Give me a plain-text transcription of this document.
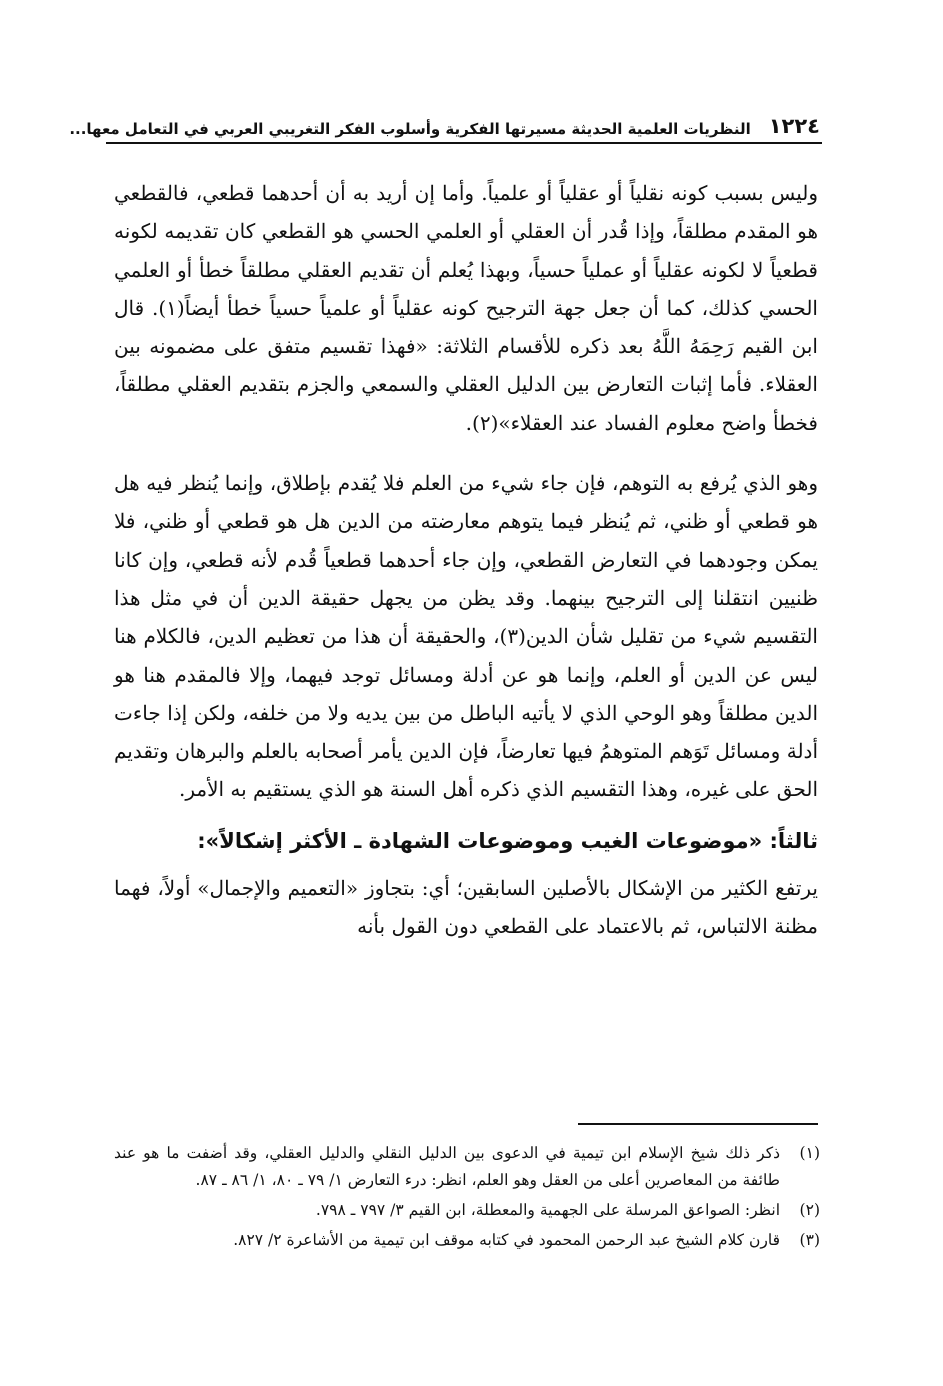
١٢٢٤
النظريات العلمية الحديثة مسيرتها الفكرية وأسلوب الفكر التغريبي العربي في التعامل معها...

وليس بسبب كونه نقلياً أو عقلياً أو علمياً. وأما إن أريد به أن أحدهما قطعي، فالقطعي هو المقدم مطلقاً، وإذا قُدر أن العقلي أو العلمي الحسي هو القطعي كان تقديمه لكونه قطعياً لا لكونه عقلياً أو عملياً حسياً، وبهذا يُعلم أن تقديم العقلي مطلقاً خطأ أو العلمي الحسي كذلك، كما أن جعل جهة الترجيح كونه عقلياً أو علمياً حسياً خطأ أيضاً(١). قال ابن القيم رَحِمَهُ اللَّهُ بعد ذكره للأقسام الثلاثة: «فهذا تقسيم متفق على مضمونه بين العقلاء. فأما إثبات التعارض بين الدليل العقلي والسمعي والجزم بتقديم العقلي مطلقاً، فخطأ واضح معلوم الفساد عند العقلاء»(٢).

وهو الذي يُرفع به التوهم، فإن جاء شيء من العلم فلا يُقدم بإطلاق، وإنما يُنظر فيه هل هو قطعي أو ظني، ثم يُنظر فيما يتوهم معارضته من الدين هل هو قطعي أو ظني، فلا يمكن وجودهما في التعارض القطعي، وإن جاء أحدهما قطعياً قُدم لأنه قطعي، وإن كانا ظنيين انتقلنا إلى الترجيح بينهما. وقد يظن من يجهل حقيقة الدين أن في مثل هذا التقسيم شيء من تقليل شأن الدين(٣)، والحقيقة أن هذا من تعظيم الدين، فالكلام هنا ليس عن الدين أو العلم، وإنما هو عن أدلة ومسائل توجد فيهما، وإلا فالمقدم هنا هو الدين مطلقاً وهو الوحي الذي لا يأتيه الباطل من بين يديه ولا من خلفه، ولكن إذا جاءت أدلة ومسائل تَوَهم المتوهمُ فيها تعارضاً، فإن الدين يأمر أصحابه بالعلم والبرهان وتقديم الحق على غيره، وهذا التقسيم الذي ذكره أهل السنة هو الذي يستقيم به الأمر.

ثالثاً: «موضوعات الغيب وموضوعات الشهادة ـ الأكثر إشكالاً»:

يرتفع الكثير من الإشكال بالأصلين السابقين؛ أي: بتجاوز «التعميم والإجمال» أولاً، فهما مظنة الالتباس، ثم بالاعتماد على القطعي دون القول بأنه

(١)
ذكر ذلك شيخ الإسلام ابن تيمية في الدعوى بين الدليل النقلي والدليل العقلي، وقد أضفت ما هو عند طائفة من المعاصرين أعلى من العقل وهو العلم، انظر: درء التعارض ١/ ٧٩ ـ ٨٠، ١/ ٨٦ ـ ٨٧.
(٢)
انظر: الصواعق المرسلة على الجهمية والمعطلة، ابن القيم ٣/ ٧٩٧ ـ ٧٩٨.
(٣)
قارن كلام الشيخ عبد الرحمن المحمود في كتابه موقف ابن تيمية من الأشاعرة ٢/ ٨٢٧.
